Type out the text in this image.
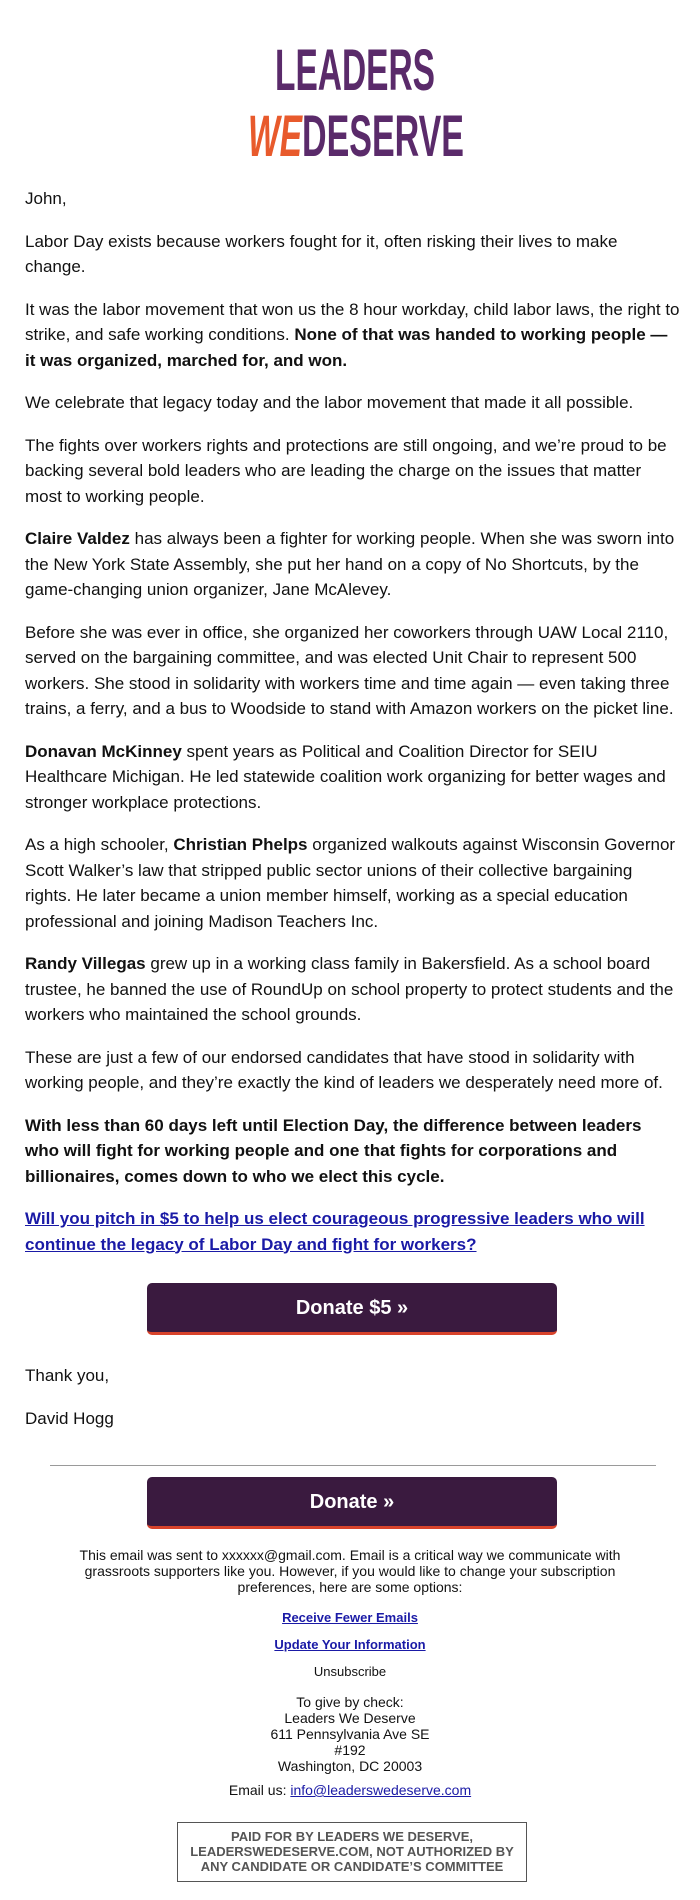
LEADERS
WE
DESERVE

John,

Labor Day exists because workers fought for it, often risking their lives to make change.

It was the labor movement that won us the 8 hour workday, child labor laws, the right to strike, and safe working conditions. None of that was handed to working people — it was organized, marched for, and won.

We celebrate that legacy today and the labor movement that made it all possible.

The fights over workers rights and protections are still ongoing, and we’re proud to be backing several bold leaders who are leading the charge on the issues that matter most to working people.

Claire Valdez has always been a fighter for working people. When she was sworn into the New York State Assembly, she put her hand on a copy of No Shortcuts, by the game-changing union organizer, Jane McAlevey.

Before she was ever in office, she organized her coworkers through UAW Local 2110, served on the bargaining committee, and was elected Unit Chair to represent 500 workers. She stood in solidarity with workers time and time again — even taking three trains, a ferry, and a bus to Woodside to stand with Amazon workers on the picket line.

Donavan McKinney spent years as Political and Coalition Director for SEIU Healthcare Michigan. He led statewide coalition work organizing for better wages and stronger workplace protections.

As a high schooler, Christian Phelps organized walkouts against Wisconsin Governor Scott Walker’s law that stripped public sector unions of their collective bargaining rights. He later became a union member himself, working as a special education professional and joining Madison Teachers Inc.

Randy Villegas grew up in a working class family in Bakersfield. As a school board trustee, he banned the use of RoundUp on school property to protect students and the workers who maintained the school grounds.

These are just a few of our endorsed candidates that have stood in solidarity with working people, and they’re exactly the kind of leaders we desperately need more of.

With less than 60 days left until Election Day, the difference between leaders who will fight for working people and one that fights for corporations and billionaires, comes down to who we elect this cycle.

Will you pitch in $5 to help us elect courageous progressive leaders who will continue the legacy of Labor Day and fight for workers?

Donate $5 »
Thank you,
David Hogg
Donate »
This email was sent to xxxxxx@gmail.com. Email is a critical way we communicate with grassroots supporters like you. However, if you would like to change your subscription preferences, here are some options:
Receive Fewer Emails
Update Your Information
Unsubscribe
To give by check:
Leaders We Deserve
611 Pennsylvania Ave SE
#192
Washington, DC 20003
Email us: info@leaderswedeserve.com
PAID FOR BY LEADERS WE DESERVE, LEADERSWEDESERVE.COM, NOT AUTHORIZED BY ANY CANDIDATE OR CANDIDATE’S COMMITTEE
